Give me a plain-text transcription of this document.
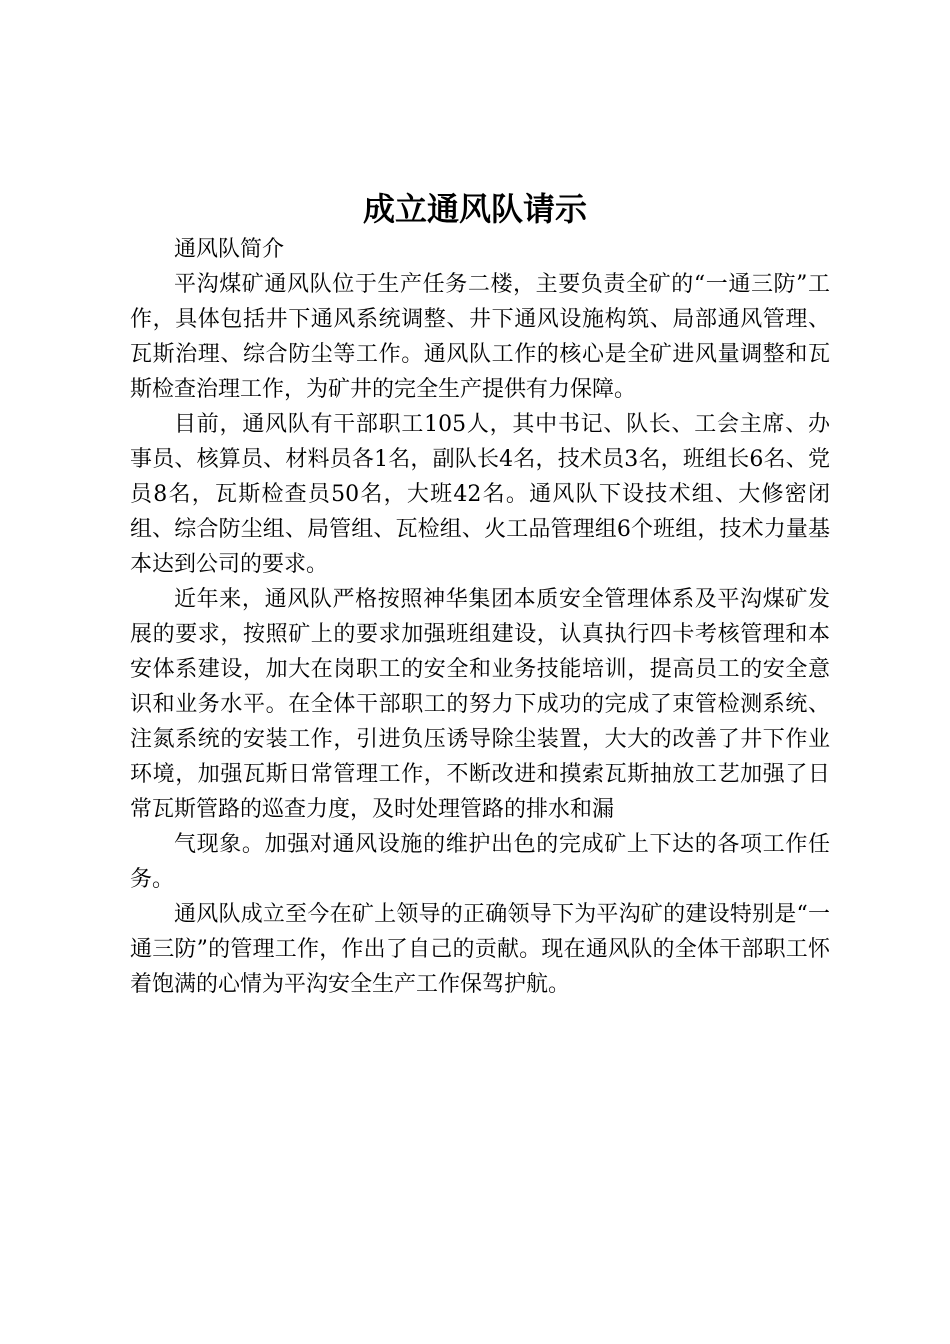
成立通风队请示

通风队简介

平沟煤矿通风队位于生产任务二楼，主要负责全矿的“一通三防”工作，具体包括井下通风系统调整、井下通风设施构筑、局部通风管理、瓦斯治理、综合防尘等工作。通风队工作的核心是全矿进风量调整和瓦斯检查治理工作，为矿井的完全生产提供有力保障。

目前，通风队有干部职工105人，其中书记、队长、工会主席、办事员、核算员、材料员各1名，副队长4名，技术员3名，班组长6名、党员8名，瓦斯检查员50名，大班42名。通风队下设技术组、大修密闭组、综合防尘组、局管组、瓦检组、火工品管理组6个班组，技术力量基本达到公司的要求。

近年来，通风队严格按照神华集团本质安全管理体系及平沟煤矿发展的要求，按照矿上的要求加强班组建设，认真执行四卡考核管理和本安体系建设，加大在岗职工的安全和业务技能培训，提高员工的安全意识和业务水平。在全体干部职工的努力下成功的完成了束管检测系统、注氮系统的安装工作，引进负压诱导除尘装置，大大的改善了井下作业环境，加强瓦斯日常管理工作，不断改进和摸索瓦斯抽放工艺加强了日常瓦斯管路的巡查力度，及时处理管路的排水和漏

气现象。加强对通风设施的维护出色的完成矿上下达的各项工作任务。

通风队成立至今在矿上领导的正确领导下为平沟矿的建设特别是“一通三防”的管理工作，作出了自己的贡献。现在通风队的全体干部职工怀着饱满的心情为平沟安全生产工作保驾护航。
